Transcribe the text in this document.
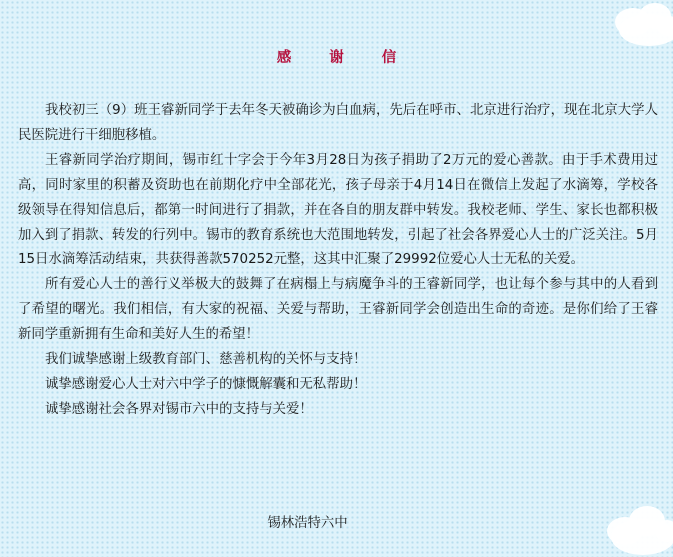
感谢信

我校初三（9）班王睿新同学于去年冬天被确诊为白血病，先后在呼市、北京进行治疗，现在北京大学人民医院进行干细胞移植。

王睿新同学治疗期间，锡市红十字会于今年3月28日为孩子捐助了2万元的爱心善款。由于手术费用过高，同时家里的积蓄及资助也在前期化疗中全部花光，孩子母亲于4月14日在微信上发起了水滴筹，学校各级领导在得知信息后，都第一时间进行了捐款，并在各自的朋友群中转发。我校老师、学生、家长也都积极加入到了捐款、转发的行列中。锡市的教育系统也大范围地转发，引起了社会各界爱心人士的广泛关注。5月15日水滴筹活动结束，共获得善款570252元整，这其中汇聚了29992位爱心人士无私的关爱。

所有爱心人士的善行义举极大的鼓舞了在病榻上与病魔争斗的王睿新同学，也让每个参与其中的人看到了希望的曙光。我们相信，有大家的祝福、关爱与帮助，王睿新同学会创造出生命的奇迹。是你们给了王睿新同学重新拥有生命和美好人生的希望！

我们诚挚感谢上级教育部门、慈善机构的关怀与支持！

诚挚感谢爱心人士对六中学子的慷慨解囊和无私帮助！

诚挚感谢社会各界对锡市六中的支持与关爱！

锡林浩特六中
